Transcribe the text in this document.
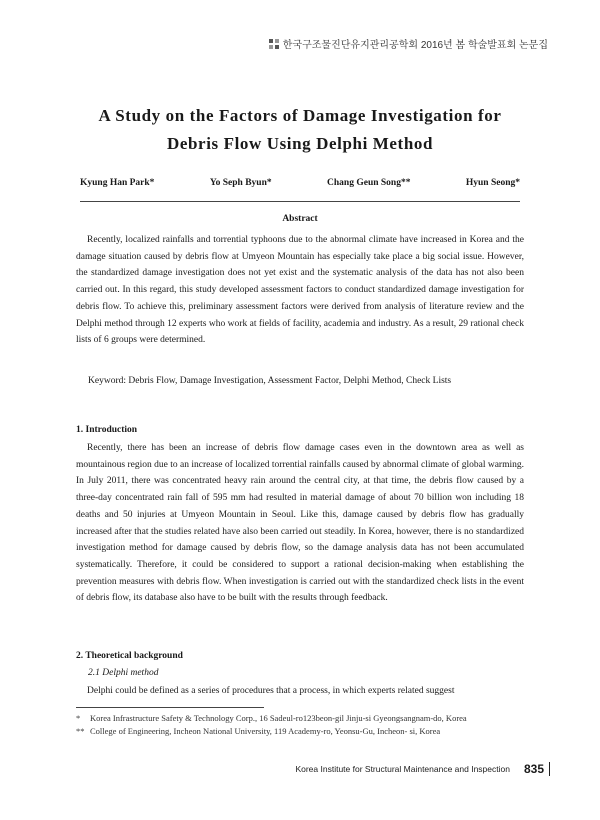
한국구조물진단유지관리공학회 2016년 봄 학술발표회 논문집
A Study on the Factors of Damage Investigation for
Debris Flow Using Delphi Method
Kyung Han Park*	Yo Seph Byun*	Chang Geun Song**	Hyun Seong*
Abstract

Recently, localized rainfalls and torrential typhoons due to the abnormal climate have increased in Korea and the damage situation caused by debris flow at Umyeon Mountain has especially take place a big social issue. However, the standardized damage investigation does not yet exist and the systematic analysis of the data has not also been carried out. In this regard, this study developed assessment factors to conduct standardized damage investigation for debris flow. To achieve this, preliminary assessment factors were derived from analysis of literature review and the Delphi method through 12 experts who work at fields of facility, academia and industry. As a result, 29 rational check lists of 6 groups were determined.

Keyword: Debris Flow, Damage Investigation, Assessment Factor, Delphi Method, Check Lists
1. Introduction

Recently, there has been an increase of debris flow damage cases even in the downtown area as well as mountainous region due to an increase of localized torrential rainfalls caused by abnormal climate of global warming. In July 2011, there was concentrated heavy rain around the central city, at that time, the debris flow caused by a three-day concentrated rain fall of 595 mm had resulted in material damage of about 70 billion won including 18 deaths and 50 injuries at Umyeon Mountain in Seoul. Like this, damage caused by debris flow has gradually increased after that the studies related have also been carried out steadily. In Korea, however, there is no standardized investigation method for damage caused by debris flow, so the damage analysis data has not been accumulated systematically. Therefore, it could be considered to support a rational decision-making when establishing the prevention measures with debris flow. When investigation is carried out with the standardized check lists in the event of debris flow, its database also have to be built with the results through feedback.

2. Theoretical background
2.1 Delphi method

Delphi could be defined as a series of procedures that a process, in which experts related suggest

*	Korea Infrastructure Safety & Technology Corp., 16 Sadeul-ro123beon-gil Jinju-si Gyeongsangnam-do, Korea
** College of Engineering, Incheon National University, 119 Academy-ro, Yeonsu-Gu, Incheon- si, Korea
Korea Institute for Structural Maintenance and Inspection 835
